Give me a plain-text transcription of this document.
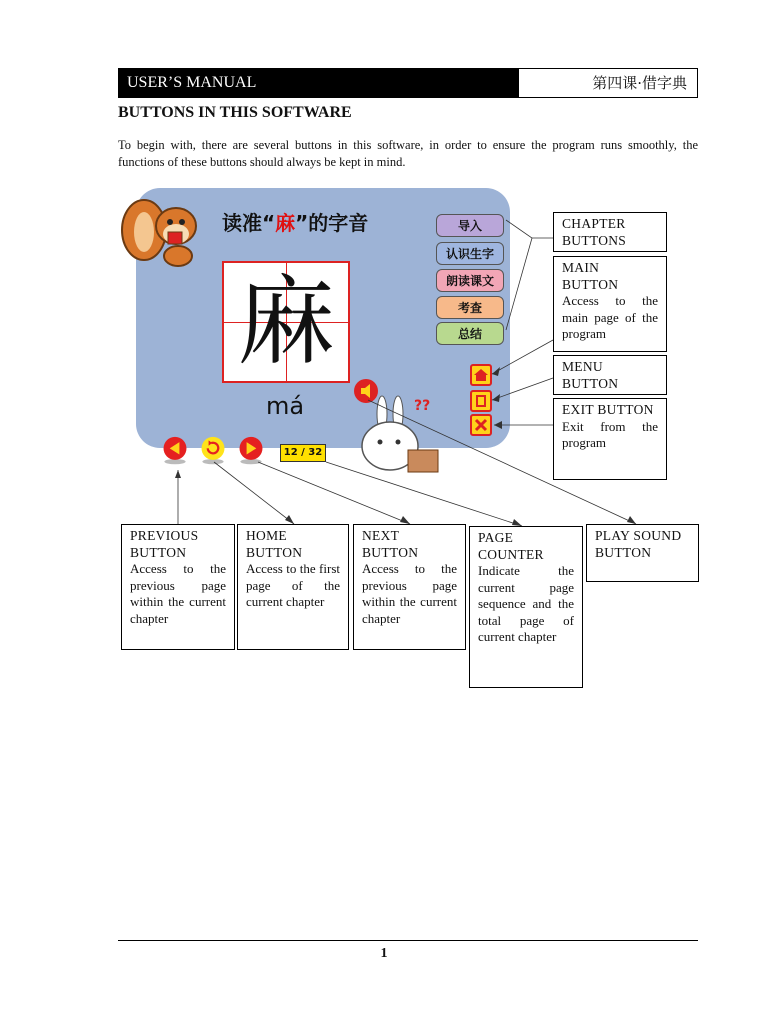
USER’S MANUAL	第四课·借字典
BUTTONS IN THIS SOFTWARE
To begin with, there are several buttons in this software, in order to ensure the program runs smoothly, the functions of these buttons should always be kept in mind.
读准“麻”的字音
麻
má
导入
认识生字
朗读课文
考查
总结
??
12 / 32
CHAPTER BUTTONS
MAIN BUTTON
Access to the main page of the program
MENU BUTTON
EXIT BUTTON
Exit from the program
PREVIOUS BUTTON
Access to the previous page within the current chapter
HOME BUTTON
Access to the first page of the current chapter
NEXT BUTTON
Access to the previous page within the current chapter
PAGE COUNTER
Indicate the current page sequence and the total page of current chapter
PLAY SOUND BUTTON
1
